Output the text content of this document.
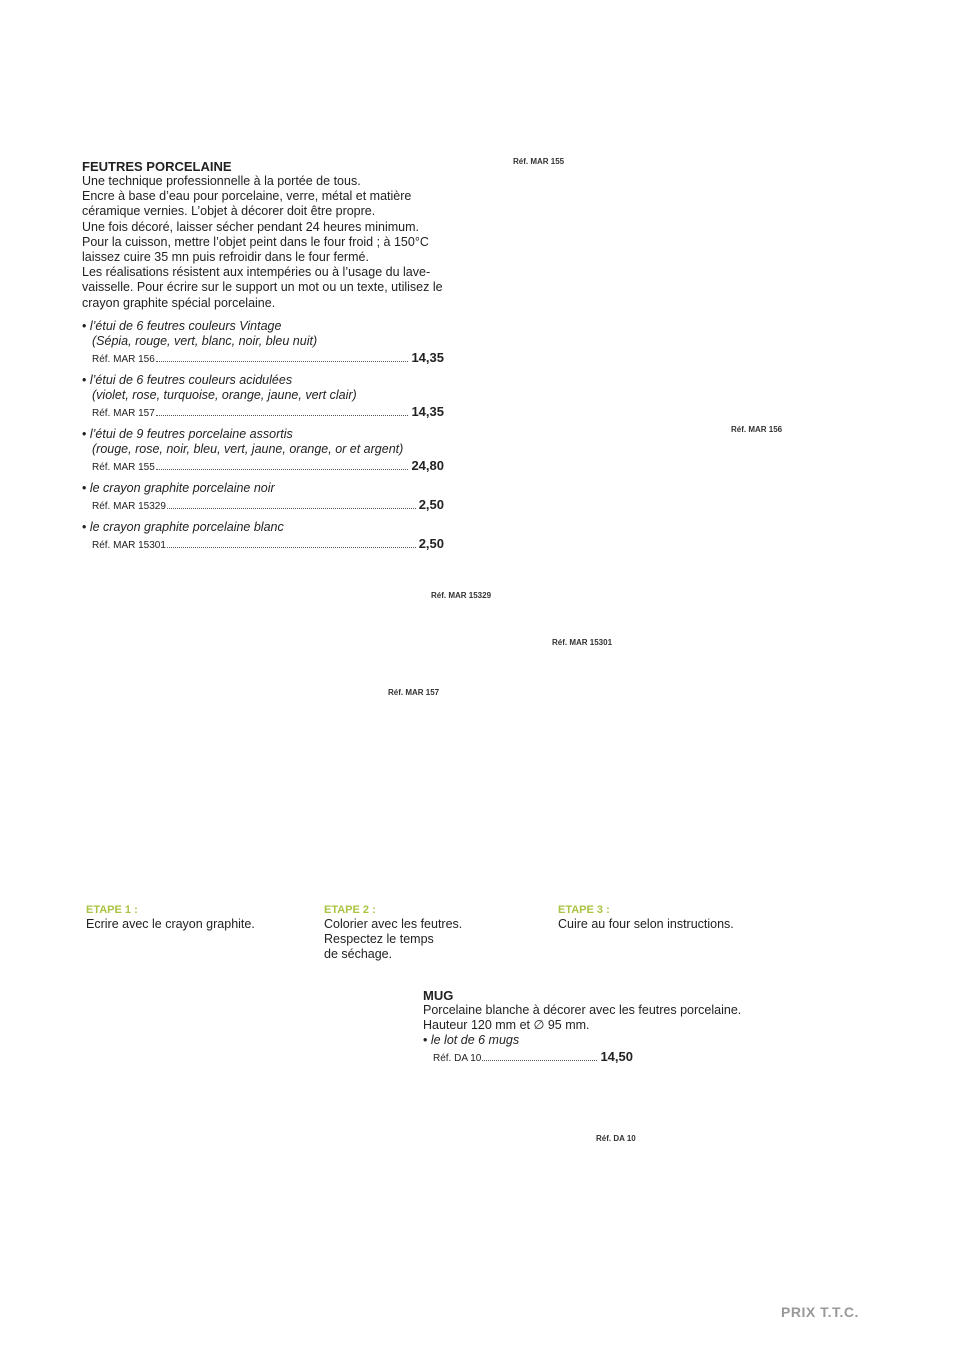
FEUTRES PORCELAINE

Une technique professionnelle à la portée de tous.
Encre à base d’eau pour porcelaine, verre, métal et matière céramique vernies. L’objet à décorer doit être propre.
Une fois décoré, laisser sécher pendant 24 heures minimum.
Pour la cuisson, mettre l’objet peint dans le four froid ; à 150°C laissez cuire 35 mn puis refroidir dans le four fermé.
Les réalisations résistent aux intempéries ou à l’usage du lave-vaisselle. Pour écrire sur le support un mot ou un texte, utilisez le crayon graphite spécial porcelaine.

• l’étui de 6 feutres couleurs Vintage
(Sépia, rouge, vert, blanc, noir, bleu nuit)
Réf. MAR 156	14,35
• l’étui de 6 feutres couleurs acidulées
(violet, rose, turquoise, orange, jaune, vert clair)
Réf. MAR 157	14,35
• l’étui de 9 feutres porcelaine assortis
(rouge, rose, noir, bleu, vert, jaune, orange, or et argent)
Réf. MAR 155	24,80
• le crayon graphite porcelaine noir
Réf. MAR 15329	2,50
• le crayon graphite porcelaine blanc
Réf. MAR 15301	2,50
Réf. MAR 155
Réf. MAR 156
Réf. MAR 15329
Réf. MAR 15301
Réf. MAR 157
Réf. DA 10
ETAPE 1 :
Ecrire avec le crayon graphite.
ETAPE 2 :
Colorier avec les feutres.
Respectez le temps
de séchage.
ETAPE 3 :
Cuire au four selon instructions.
MUG

Porcelaine blanche à décorer avec les feutres porcelaine.
Hauteur 120 mm et ∅ 95 mm.

• le lot de 6 mugs
Réf. DA 10	14,50
PRIX T.T.C.
